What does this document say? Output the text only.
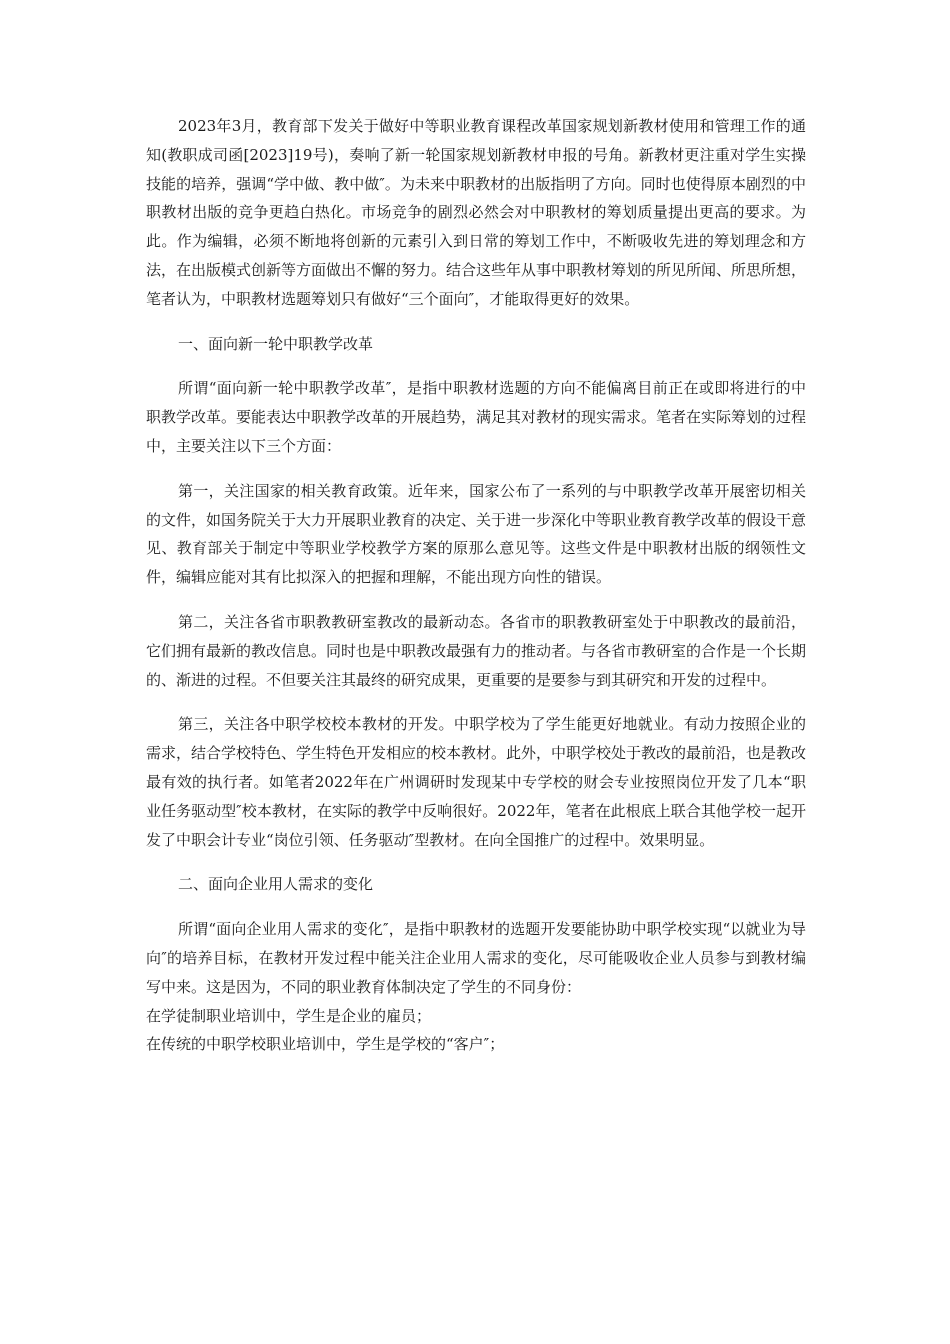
2023年3月，教育部下发关于做好中等职业教育课程改革国家规划新教材使用和管理工作的通知(教职成司函[2023]19号)，奏响了新一轮国家规划新教材申报的号角。新教材更注重对学生实操技能的培养，强调“学中做、教中做″。为未来中职教材的出版指明了方向。同时也使得原本剧烈的中职教材出版的竞争更趋白热化。市场竞争的剧烈必然会对中职教材的筹划质量提出更高的要求。为此。作为编辑，必须不断地将创新的元素引入到日常的筹划工作中，不断吸收先进的筹划理念和方法，在出版模式创新等方面做出不懈的努力。结合这些年从事中职教材筹划的所见所闻、所思所想，笔者认为，中职教材选题筹划只有做好“三个面向″，才能取得更好的效果。

一、面向新一轮中职教学改革

所谓“面向新一轮中职教学改革″，是指中职教材选题的方向不能偏离目前正在或即将进行的中职教学改革。要能表达中职教学改革的开展趋势，满足其对教材的现实需求。笔者在实际筹划的过程中，主要关注以下三个方面：

第一，关注国家的相关教育政策。近年来，国家公布了一系列的与中职教学改革开展密切相关的文件，如国务院关于大力开展职业教育的决定、关于进一步深化中等职业教育教学改革的假设干意见、教育部关于制定中等职业学校教学方案的原那么意见等。这些文件是中职教材出版的纲领性文件，编辑应能对其有比拟深入的把握和理解，不能出现方向性的错误。

第二，关注各省市职教教研室教改的最新动态。各省市的职教教研室处于中职教改的最前沿，它们拥有最新的教改信息。同时也是中职教改最强有力的推动者。与各省市教研室的合作是一个长期的、渐进的过程。不但要关注其最终的研究成果，更重要的是要参与到其研究和开发的过程中。

第三，关注各中职学校校本教材的开发。中职学校为了学生能更好地就业。有动力按照企业的需求，结合学校特色、学生特色开发相应的校本教材。此外，中职学校处于教改的最前沿，也是教改最有效的执行者。如笔者2022年在广州调研时发现某中专学校的财会专业按照岗位开发了几本“职业任务驱动型″校本教材，在实际的教学中反响很好。2022年，笔者在此根底上联合其他学校一起开发了中职会计专业“岗位引领、任务驱动″型教材。在向全国推广的过程中。效果明显。

二、面向企业用人需求的变化

所谓“面向企业用人需求的变化″，是指中职教材的选题开发要能协助中职学校实现“以就业为导向″的培养目标，在教材开发过程中能关注企业用人需求的变化，尽可能吸收企业人员参与到教材编写中来。这是因为，不同的职业教育体制决定了学生的不同身份：

在学徒制职业培训中，学生是企业的雇员；

在传统的中职学校职业培训中，学生是学校的“客户″；
